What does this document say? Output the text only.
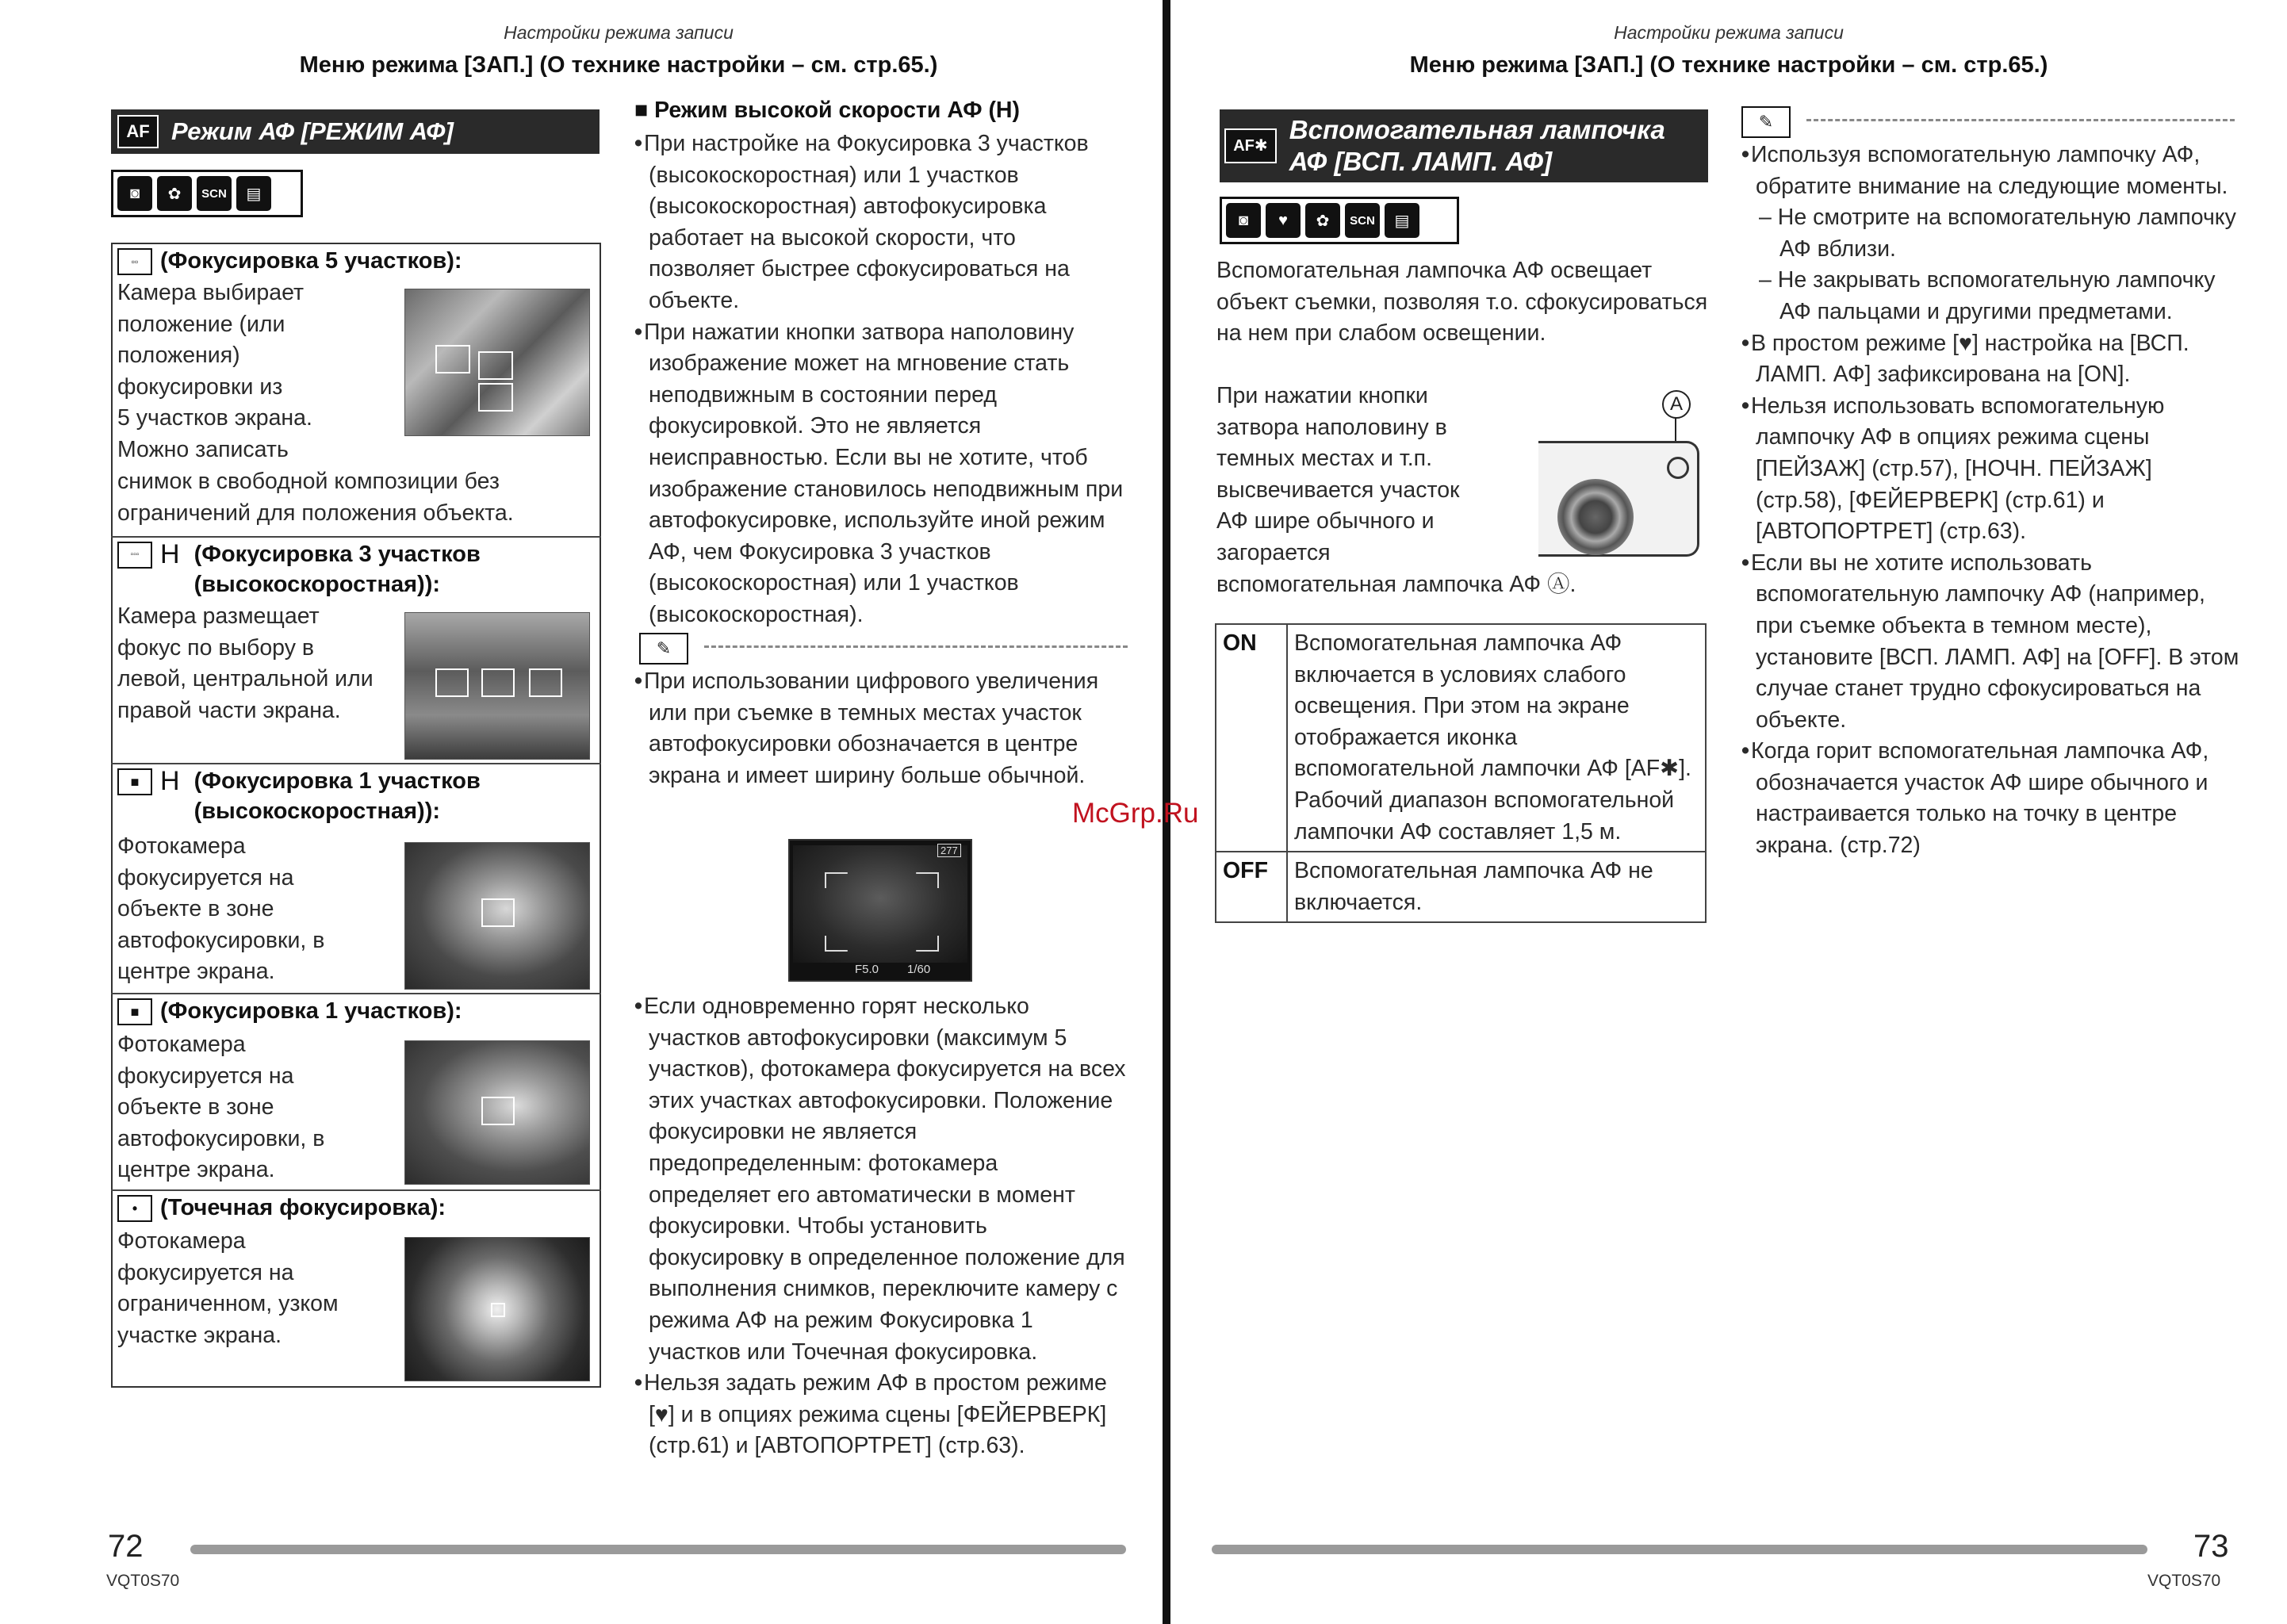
Настройки режима записи
Меню режима [ЗАП.] (О технике настройки – см. стр.65.)
AF Режим АФ [РЕЖИМ АФ]
◙	✿	SCN	▤
▫▫ (Фокусировка 5 участков):
Камера выбирает
положение (или
положения)
фокусировки из
5 участков экрана.
Можно записать
снимок в свободной композиции без
ограничений для положения объекта.
▫▫▫ H (Фокусировка 3 участков (высокоскоростная)):
Камера размещает фокус по выбору в левой, центральной или правой части экрана.
■ H (Фокусировка 1 участков (высокоскоростная)):
Фотокамера фокусируется на объекте в зоне автофокусировки, в центре экрана.
■ (Фокусировка 1 участков):
Фотокамера фокусируется на объекте в зоне автофокусировки, в центре экрана.
• (Точечная фокусировка):
Фотокамера фокусируется на ограниченном, узком участке экрана.
■ Режим высокой скорости АФ (H)

• При настройке на Фокусировка 3 участков (высокоскоростная) или 1 участков (высокоскоростная) автофокусировка работает на высокой скорости, что позволяет быстрее сфокусироваться на объекте.

• При нажатии кнопки затвора наполовину изображение может на мгновение стать неподвижным в состоянии перед фокусировкой. Это не является неисправностью. Если вы не хотите, чтоб изображение становилось неподвижным при автофокусировке, используйте иной режим АФ, чем Фокусировка 3 участков (высокоскоростная) или 1 участков (высокоскоростная).

✎

• При использовании цифрового увеличения или при съемке в темных местах участок автофокусировки обозначается в центре экрана и имеет ширину больше обычной.

277
F5.0 1/60

• Если одновременно горят несколько участков автофокусировки (максимум 5 участков), фотокамера фокусируется на всех этих участках автофокусировки. Положение фокусировки не является предопределенным: фотокамера определяет его автоматически в момент фокусировки. Чтобы установить фокусировку в определенное положение для выполнения снимков, переключите камеру с режима АФ на режим Фокусировка 1 участков или Точечная фокусировка.

• Нельзя задать режим АФ в простом режиме [♥] и в опциях режима сцены [ФЕЙЕРВЕРК] (стр.61) и [АВТОПОРТРЕТ] (стр.63).

72
VQT0S70
McGrp.Ru
Настройки режима записи
Меню режима [ЗАП.] (О технике настройки – см. стр.65.)
AF✱
Вспомогательная лампочка АФ [ВСП. ЛАМП. АФ]
◙	♥	✿	SCN	▤
Вспомогательная лампочка АФ освещает объект съемки, позволяя т.о. сфокусироваться на нем при слабом освещении.
При нажатии кнопки
затвора наполовину в
темных местах и т.п.
высвечивается участок
АФ шире обычного и
загорается
вспомогательная лампочка АФ Ⓐ.
A
ON	Вспомогательная лампочка АФ включается в условиях слабого освещения. При этом на экране отображается иконка вспомогательной лампочки АФ [AF✱]. Рабочий диапазон вспомогательной лампочки АФ составляет 1,5 м.
OFF	Вспомогательная лампочка АФ не включается.
✎

• Используя вспомогательную лампочку АФ, обратите внимание на следующие моменты.

– Не смотрите на вспомогательную лампочку АФ вблизи.

– Не закрывать вспомогательную лампочку АФ пальцами и другими предметами.

• В простом режиме [♥] настройка на [ВСП. ЛАМП. АФ] зафиксирована на [ON].

• Нельзя использовать вспомогательную лампочку АФ в опциях режима сцены [ПЕЙЗАЖ] (стр.57), [НОЧН. ПЕЙЗАЖ] (стр.58), [ФЕЙЕРВЕРК] (стр.61) и [АВТОПОРТРЕТ] (стр.63).

• Если вы не хотите использовать вспомогательную лампочку АФ (например, при съемке объекта в темном месте), установите [ВСП. ЛАМП. АФ] на [OFF]. В этом случае станет трудно сфокусироваться на объекте.

• Когда горит вспомогательная лампочка АФ, обозначается участок АФ шире обычного и настраивается только на точку в центре экрана. (стр.72)

73
VQT0S70
